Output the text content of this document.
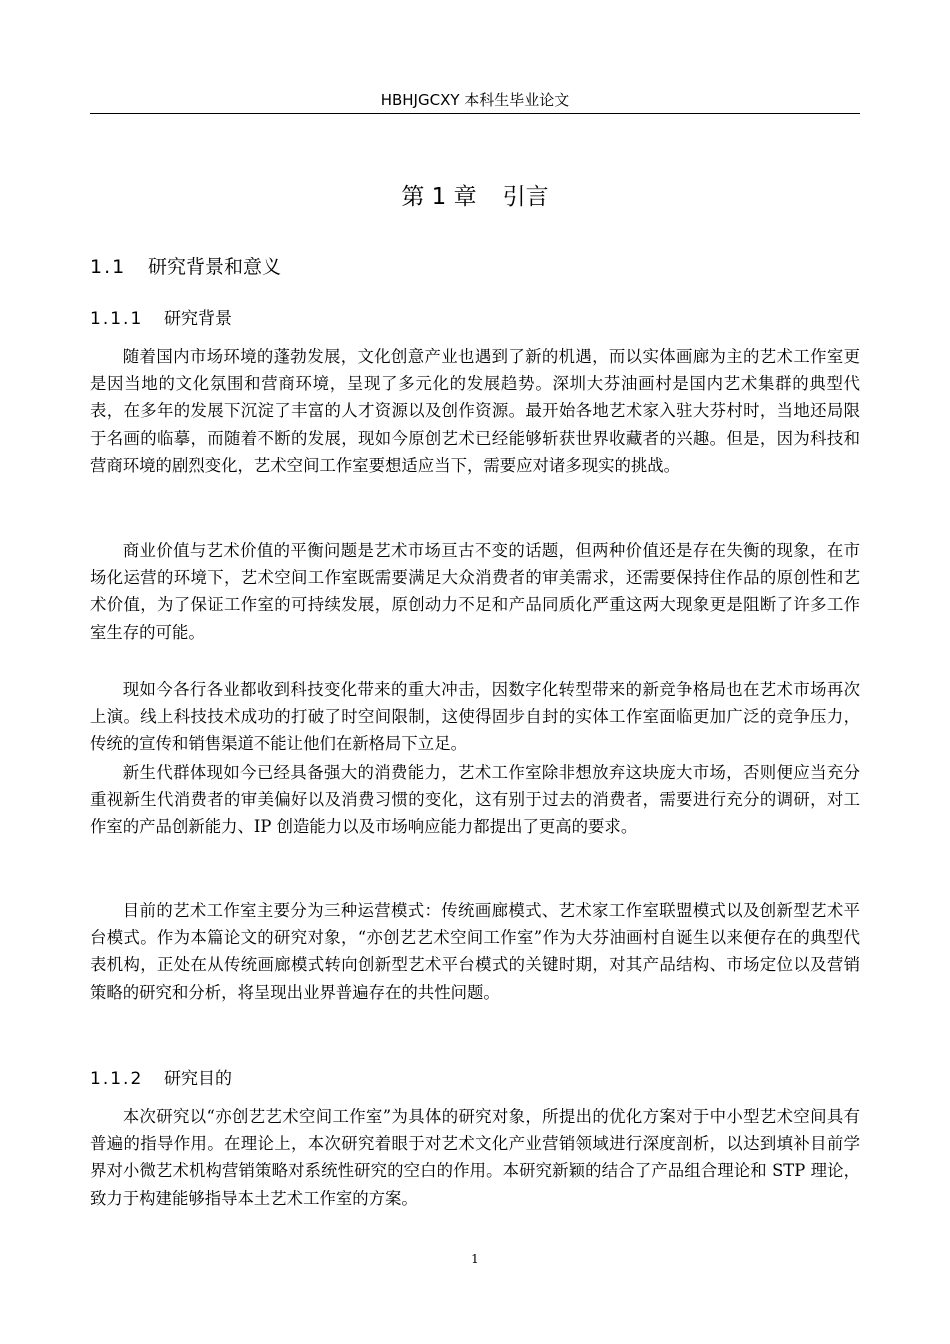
HBHJGCXY 本科生毕业论文
第 1 章 引言
1.1 研究背景和意义
1.1.1 研究背景

随着国内市场环境的蓬勃发展，文化创意产业也遇到了新的机遇，而以实体画廊为主的艺术工作室更是因当地的文化氛围和营商环境，呈现了多元化的发展趋势。深圳大芬油画村是国内艺术集群的典型代表，在多年的发展下沉淀了丰富的人才资源以及创作资源。最开始各地艺术家入驻大芬村时，当地还局限于名画的临摹，而随着不断的发展，现如今原创艺术已经能够斩获世界收藏者的兴趣。但是，因为科技和营商环境的剧烈变化，艺术空间工作室要想适应当下，需要应对诸多现实的挑战。

商业价值与艺术价值的平衡问题是艺术市场亘古不变的话题，但两种价值还是存在失衡的现象，在市场化运营的环境下，艺术空间工作室既需要满足大众消费者的审美需求，还需要保持住作品的原创性和艺术价值，为了保证工作室的可持续发展，原创动力不足和产品同质化严重这两大现象更是阻断了许多工作室生存的可能。

现如今各行各业都收到科技变化带来的重大冲击，因数字化转型带来的新竞争格局也在艺术市场再次上演。线上科技技术成功的打破了时空间限制，这使得固步自封的实体工作室面临更加广泛的竞争压力，传统的宣传和销售渠道不能让他们在新格局下立足。

新生代群体现如今已经具备强大的消费能力，艺术工作室除非想放弃这块庞大市场，否则便应当充分重视新生代消费者的审美偏好以及消费习惯的变化，这有别于过去的消费者，需要进行充分的调研，对工作室的产品创新能力、IP 创造能力以及市场响应能力都提出了更高的要求。

目前的艺术工作室主要分为三种运营模式：传统画廊模式、艺术家工作室联盟模式以及创新型艺术平台模式。作为本篇论文的研究对象，“亦创艺艺术空间工作室”作为大芬油画村自诞生以来便存在的典型代表机构，正处在从传统画廊模式转向创新型艺术平台模式的关键时期，对其产品结构、市场定位以及营销策略的研究和分析，将呈现出业界普遍存在的共性问题。

1.1.2 研究目的

本次研究以“亦创艺艺术空间工作室”为具体的研究对象，所提出的优化方案对于中小型艺术空间具有普遍的指导作用。在理论上，本次研究着眼于对艺术文化产业营销领域进行深度剖析，以达到填补目前学界对小微艺术机构营销策略对系统性研究的空白的作用。本研究新颖的结合了产品组合理论和 STP 理论，致力于构建能够指导本土艺术工作室的方案。

1
